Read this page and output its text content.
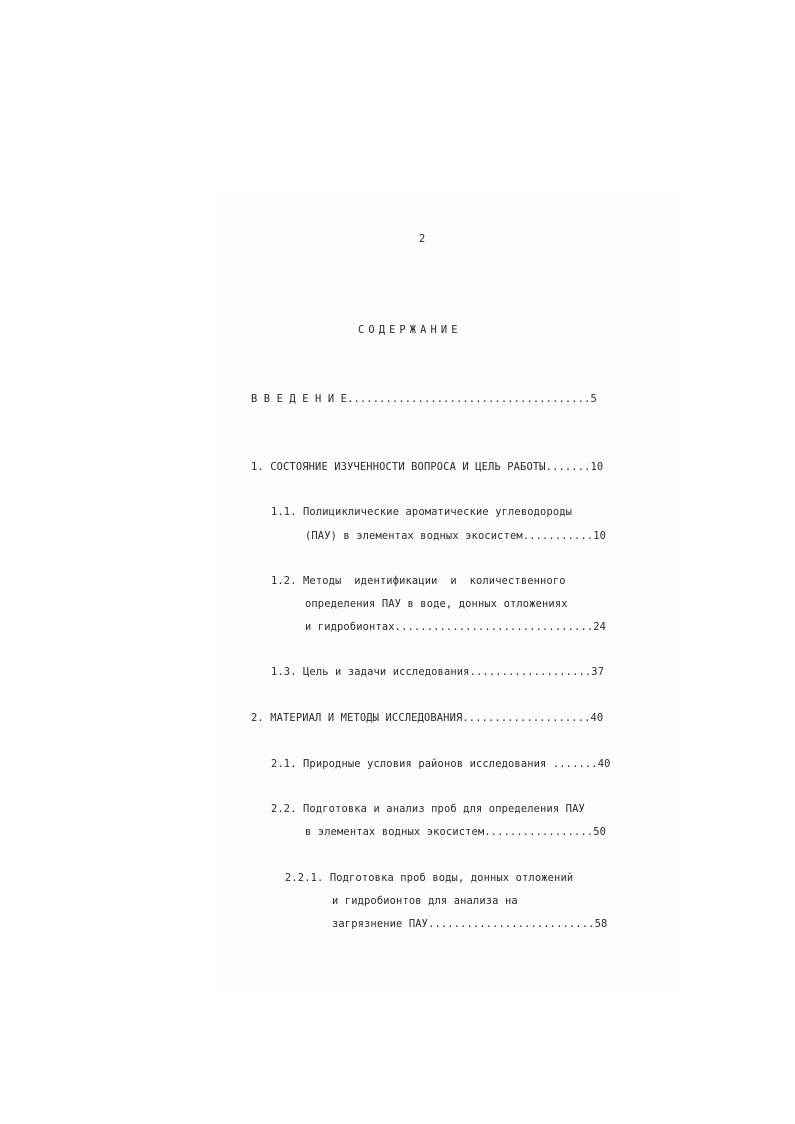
2
СОДЕРЖАНИЕ
В В Е Д Е Н И Е......................................5
1. СОСТОЯНИЕ ИЗУЧЕННОСТИ ВОПРОСА И ЦЕЛЬ РАБОТЫ.......10
1.1. Полициклические ароматические углеводороды
(ПАУ) в элементах водных экосистем...........10
1.2. Методы  идентификации  и  количественного
определения ПАУ в воде, донных отложениях
и гидробионтах...............................24
1.3. Цель и задачи исследования...................37
2. МАТЕРИАЛ И МЕТОДЫ ИССЛЕДОВАНИЯ....................40
2.1. Природные условия районов исследования .......40
2.2. Подготовка и анализ проб для определения ПАУ
в элементах водных экосистем.................50
2.2.1. Подготовка проб воды, донных отложений
и гидробионтов для анализа на
загрязнение ПАУ..........................58
